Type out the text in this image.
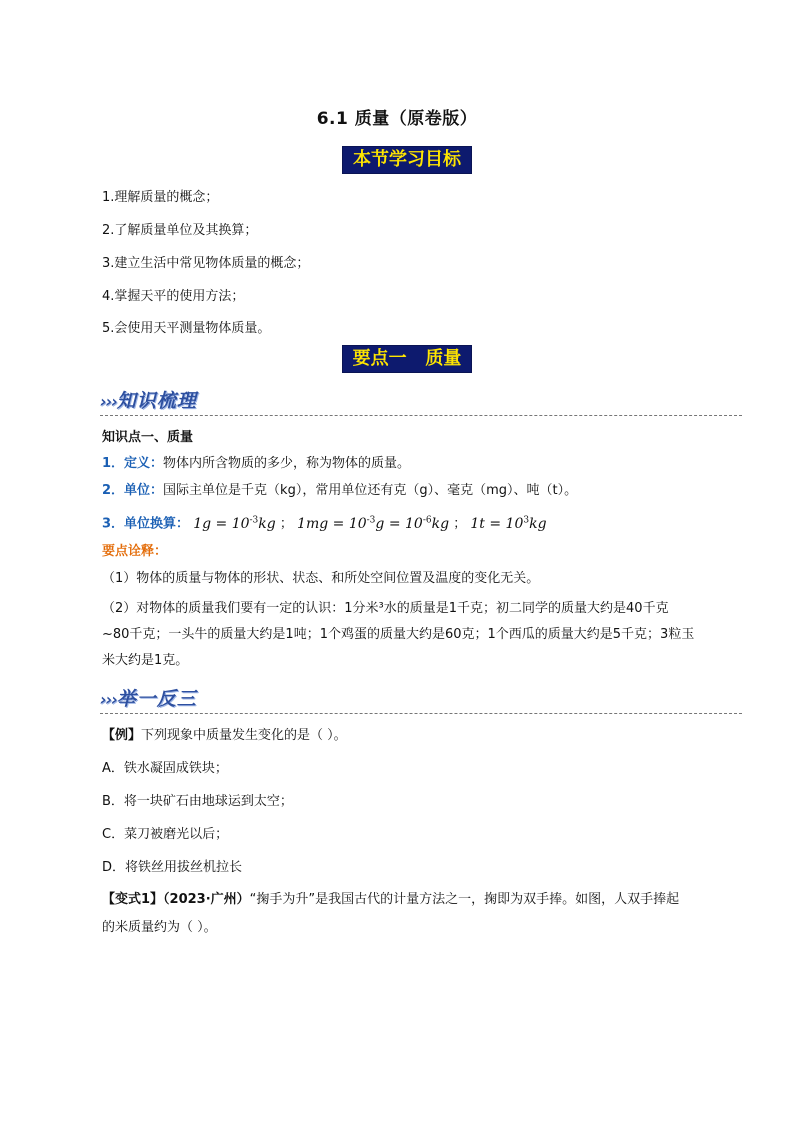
6.1 质量（原卷版）
本节学习目标
1.理解质量的概念；
2.了解质量单位及其换算；
3.建立生活中常见物体质量的概念；
4.掌握天平的使用方法；
5.会使用天平测量物体质量。
要点一   质量
›››知识梳理
知识点一、质量
1．定义：物体内所含物质的多少，称为物体的质量。
2．单位：国际主单位是千克（kg），常用单位还有克（g）、毫克（mg）、吨（t）。
3．单位换算： $1g = 10^{-3}kg$ ； $1mg = 10^{-3}g = 10^{-6}kg$ ； $1t = 10^3kg$
要点诠释：
（1）物体的质量与物体的形状、状态、和所处空间位置及温度的变化无关。
（2）对物体的质量我们要有一定的认识：1分米³水的质量是1千克；初二同学的质量大约是40千克
~80千克；一头牛的质量大约是1吨；1个鸡蛋的质量大约是60克；1个西瓜的质量大约是5千克；3粒玉
米大约是1克。
›››举一反三
【例】下列现象中质量发生变化的是（ ）。
A．铁水凝固成铁块；
B．将一块矿石由地球运到太空；
C．菜刀被磨光以后；
D．将铁丝用拔丝机拉长
【变式1】（2023·广州）“掬手为升”是我国古代的计量方法之一，掬即为双手捧。如图，人双手捧起
的米质量约为（ ）。
